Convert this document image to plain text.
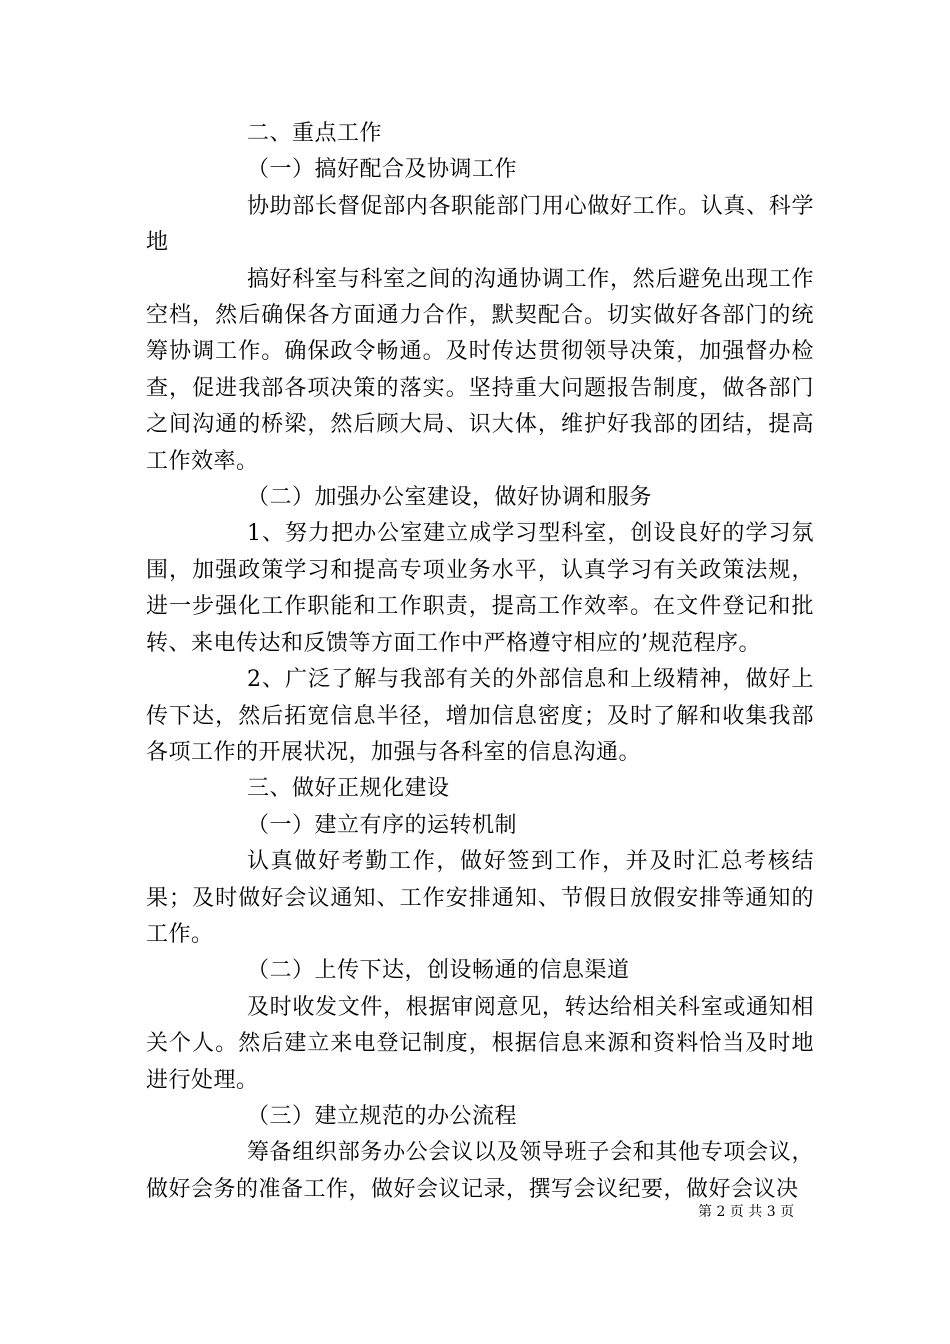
二、重点工作

（一）搞好配合及协调工作

协助部长督促部内各职能部门用心做好工作。认真、科学地

搞好科室与科室之间的沟通协调工作，然后避免出现工作空档，然后确保各方面通力合作，默契配合。切实做好各部门的统筹协调工作。确保政令畅通。及时传达贯彻领导决策，加强督办检查，促进我部各项决策的落实。坚持重大问题报告制度，做各部门之间沟通的桥梁，然后顾大局、识大体，维护好我部的团结，提高工作效率。

（二）加强办公室建设，做好协调和服务

1、努力把办公室建立成学习型科室，创设良好的学习氛围，加强政策学习和提高专项业务水平，认真学习有关政策法规，进一步强化工作职能和工作职责，提高工作效率。在文件登记和批转、来电传达和反馈等方面工作中严格遵守相应的’规范程序。

2、广泛了解与我部有关的外部信息和上级精神，做好上传下达，然后拓宽信息半径，增加信息密度；及时了解和收集我部各项工作的开展状况，加强与各科室的信息沟通。

三、做好正规化建设

（一）建立有序的运转机制

认真做好考勤工作，做好签到工作，并及时汇总考核结果；及时做好会议通知、工作安排通知、节假日放假安排等通知的工作。

（二）上传下达，创设畅通的信息渠道

及时收发文件，根据审阅意见，转达给相关科室或通知相关个人。然后建立来电登记制度，根据信息来源和资料恰当及时地进行处理。

（三）建立规范的办公流程

筹备组织部务办公会议以及领导班子会和其他专项会议，做好会务的准备工作，做好会议记录，撰写会议纪要，做好会议决

第 2 页 共 3 页
